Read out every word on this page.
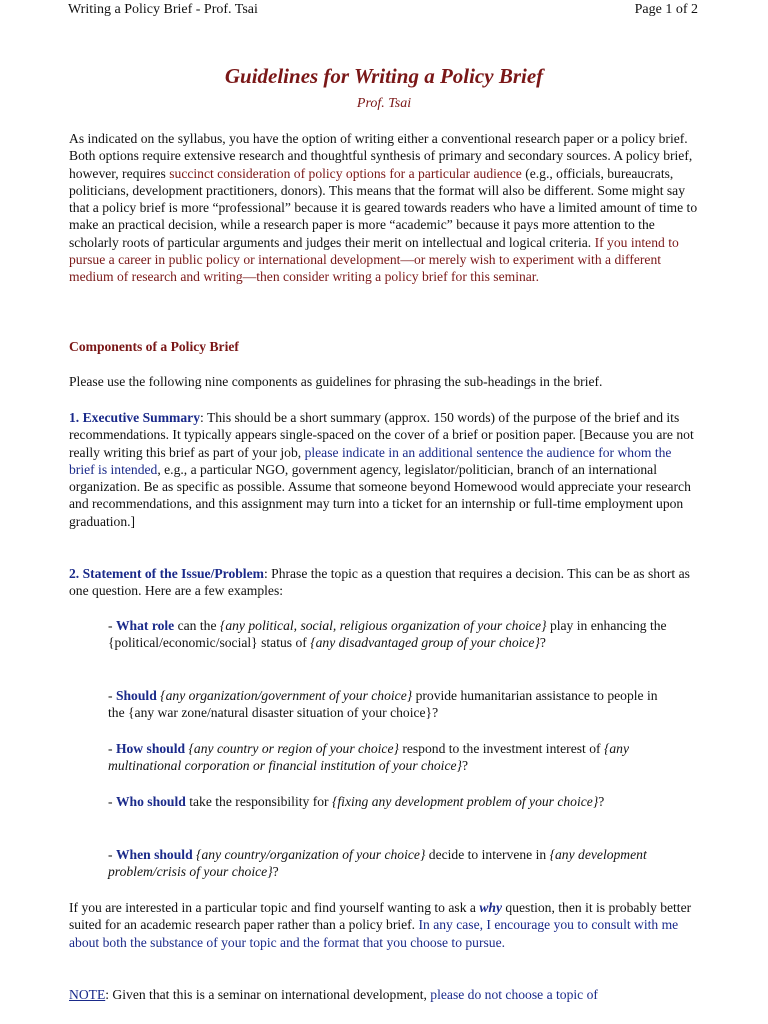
Writing a Policy Brief - Prof. Tsai	Page 1 of 2
Guidelines for Writing a Policy Brief
Prof. Tsai

As indicated on the syllabus, you have the option of writing either a conventional research paper or a policy brief. Both options require extensive research and thoughtful synthesis of primary and secondary sources. A policy brief, however, requires succinct consideration of policy options for a particular audience (e.g., officials, bureaucrats, politicians, development practitioners, donors). This means that the format will also be different. Some might say that a policy brief is more “professional” because it is geared towards readers who have a limited amount of time to make an practical decision, while a research paper is more “academic” because it pays more attention to the scholarly roots of particular arguments and judges their merit on intellectual and logical criteria. If you intend to pursue a career in public policy or international development—or merely wish to experiment with a different medium of research and writing—then consider writing a policy brief for this seminar.

Components of a Policy Brief

Please use the following nine components as guidelines for phrasing the sub-headings in the brief.

1. Executive Summary: This should be a short summary (approx. 150 words) of the purpose of the brief and its recommendations. It typically appears single-spaced on the cover of a brief or position paper. [Because you are not really writing this brief as part of your job, please indicate in an additional sentence the audience for whom the brief is intended, e.g., a particular NGO, government agency, legislator/politician, branch of an international organization. Be as specific as possible. Assume that someone beyond Homewood would appreciate your research and recommendations, and this assignment may turn into a ticket for an internship or full-time employment upon graduation.]

2. Statement of the Issue/Problem: Phrase the topic as a question that requires a decision. This can be as short as one question. Here are a few examples:

- What role can the {any political, social, religious organization of your choice} play in enhancing the {political/economic/social} status of {any disadvantaged group of your choice}?

- Should {any organization/government of your choice} provide humanitarian assistance to people in the {any war zone/natural disaster situation of your choice}?

- How should {any country or region of your choice} respond to the investment interest of {any multinational corporation or financial institution of your choice}?

- Who should take the responsibility for {fixing any development problem of your choice}?

- When should {any country/organization of your choice} decide to intervene in {any development problem/crisis of your choice}?

If you are interested in a particular topic and find yourself wanting to ask a why question, then it is probably better suited for an academic research paper rather than a policy brief. In any case, I encourage you to consult with me about both the substance of your topic and the format that you choose to pursue.

NOTE: Given that this is a seminar on international development, please do not choose a topic of
